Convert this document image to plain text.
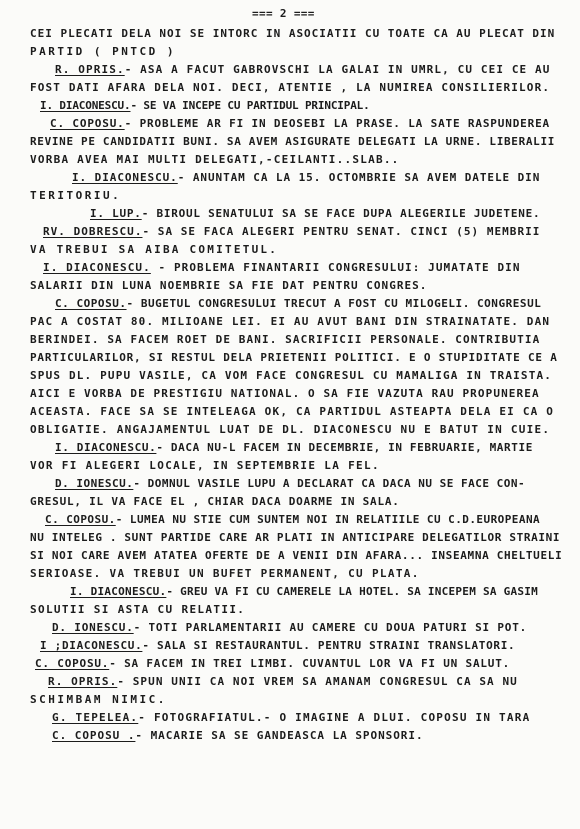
=== 2 ===
CEI PLECATI DELA NOI SE INTORC IN ASOCIATII CU TOATE CA AU PLECAT DIN
PARTID ( PNTCD )
R. OPRIS.- ASA A FACUT GABROVSCHI LA GALAI IN UMRL, CU CEI CE AU
FOST DATI AFARA DELA NOI. DECI, ATENTIE , LA NUMIREA CONSILIERILOR.
I. DIACONESCU.- SE VA INCEPE CU PARTIDUL PRINCIPAL.
C. COPOSU.- PROBLEME AR FI IN DEOSEBI LA PRASE. LA SATE RASPUNDEREA
REVINE PE CANDIDATII BUNI. SA AVEM ASIGURATE DELEGATI LA URNE. LIBERALII
VORBA AVEA MAI MULTI DELEGATI,-CEILANTI..SLAB..
I. DIACONESCU.- ANUNTAM CA LA 15. OCTOMBRIE SA AVEM DATELE DIN
TERITORIU.
I. LUP.- BIROUL SENATULUI SA SE FACE DUPA ALEGERILE JUDETENE.
RV. DOBRESCU.- SA SE FACA ALEGERI PENTRU SENAT. CINCI (5) MEMBRII
VA TREBUI SA AIBA COMITETUL.
I. DIACONESCU. - PROBLEMA FINANTARII CONGRESULUI: JUMATATE DIN
SALARII DIN LUNA NOEMBRIE SA FIE DAT PENTRU CONGRES.
C. COPOSU.- BUGETUL CONGRESULUI TRECUT A FOST CU MILOGELI. CONGRESUL
PAC A COSTAT 80. MILIOANE LEI. EI AU AVUT BANI DIN STRAINATATE. DAN
BERINDEI. SA FACEM ROET DE BANI. SACRIFICII PERSONALE. CONTRIBUTIA
PARTICULARILOR, SI RESTUL DELA PRIETENII POLITICI. E O STUPIDITATE CE A
SPUS DL. PUPU VASILE, CA VOM FACE CONGRESUL CU MAMALIGA IN TRAISTA.
AICI E VORBA DE PRESTIGIU NATIONAL. O SA FIE VAZUTA RAU PROPUNEREA
ACEASTA. FACE SA SE INTELEAGA OK, CA PARTIDUL ASTEAPTA DELA EI CA O
OBLIGATIE. ANGAJAMENTUL LUAT DE DL. DIACONESCU NU E BATUT IN CUIE.
I. DIACONESCU.- DACA NU-L FACEM IN DECEMBRIE, IN FEBRUARIE, MARTIE
VOR FI ALEGERI LOCALE, IN SEPTEMBRIE LA FEL.
D. IONESCU.- DOMNUL VASILE LUPU A DECLARAT CA DACA NU SE FACE CON-
GRESUL, IL VA FACE EL , CHIAR DACA DOARME IN SALA.
C. COPOSU.- LUMEA NU STIE CUM SUNTEM NOI IN RELATIILE CU C.D.EUROPEANA
NU INTELEG . SUNT PARTIDE CARE AR PLATI IN ANTICIPARE DELEGATILOR STRAINI
SI NOI CARE AVEM ATATEA OFERTE DE A VENII DIN AFARA... INSEAMNA CHELTUELI
SERIOASE. VA TREBUI UN BUFET PERMANENT, CU PLATA.
I. DIACONESCU.- GREU VA FI CU CAMERELE LA HOTEL. SA INCEPEM SA GASIM
SOLUTII SI ASTA CU RELATII.
D. IONESCU.- TOTI PARLAMENTARII AU CAMERE CU DOUA PATURI SI POT.
I ;DIACONESCU.- SALA SI RESTAURANTUL. PENTRU STRAINI TRANSLATORI.
C. COPOSU.- SA FACEM IN TREI LIMBI. CUVANTUL LOR VA FI UN SALUT.
R. OPRIS.- SPUN UNII CA NOI VREM SA AMANAM CONGRESUL CA SA NU
SCHIMBAM NIMIC.
G. TEPELEA.- FOTOGRAFIATUL.- O IMAGINE A DLUI. COPOSU IN TARA
C. COPOSU .- MACARIE SA SE GANDEASCA LA SPONSORI.
